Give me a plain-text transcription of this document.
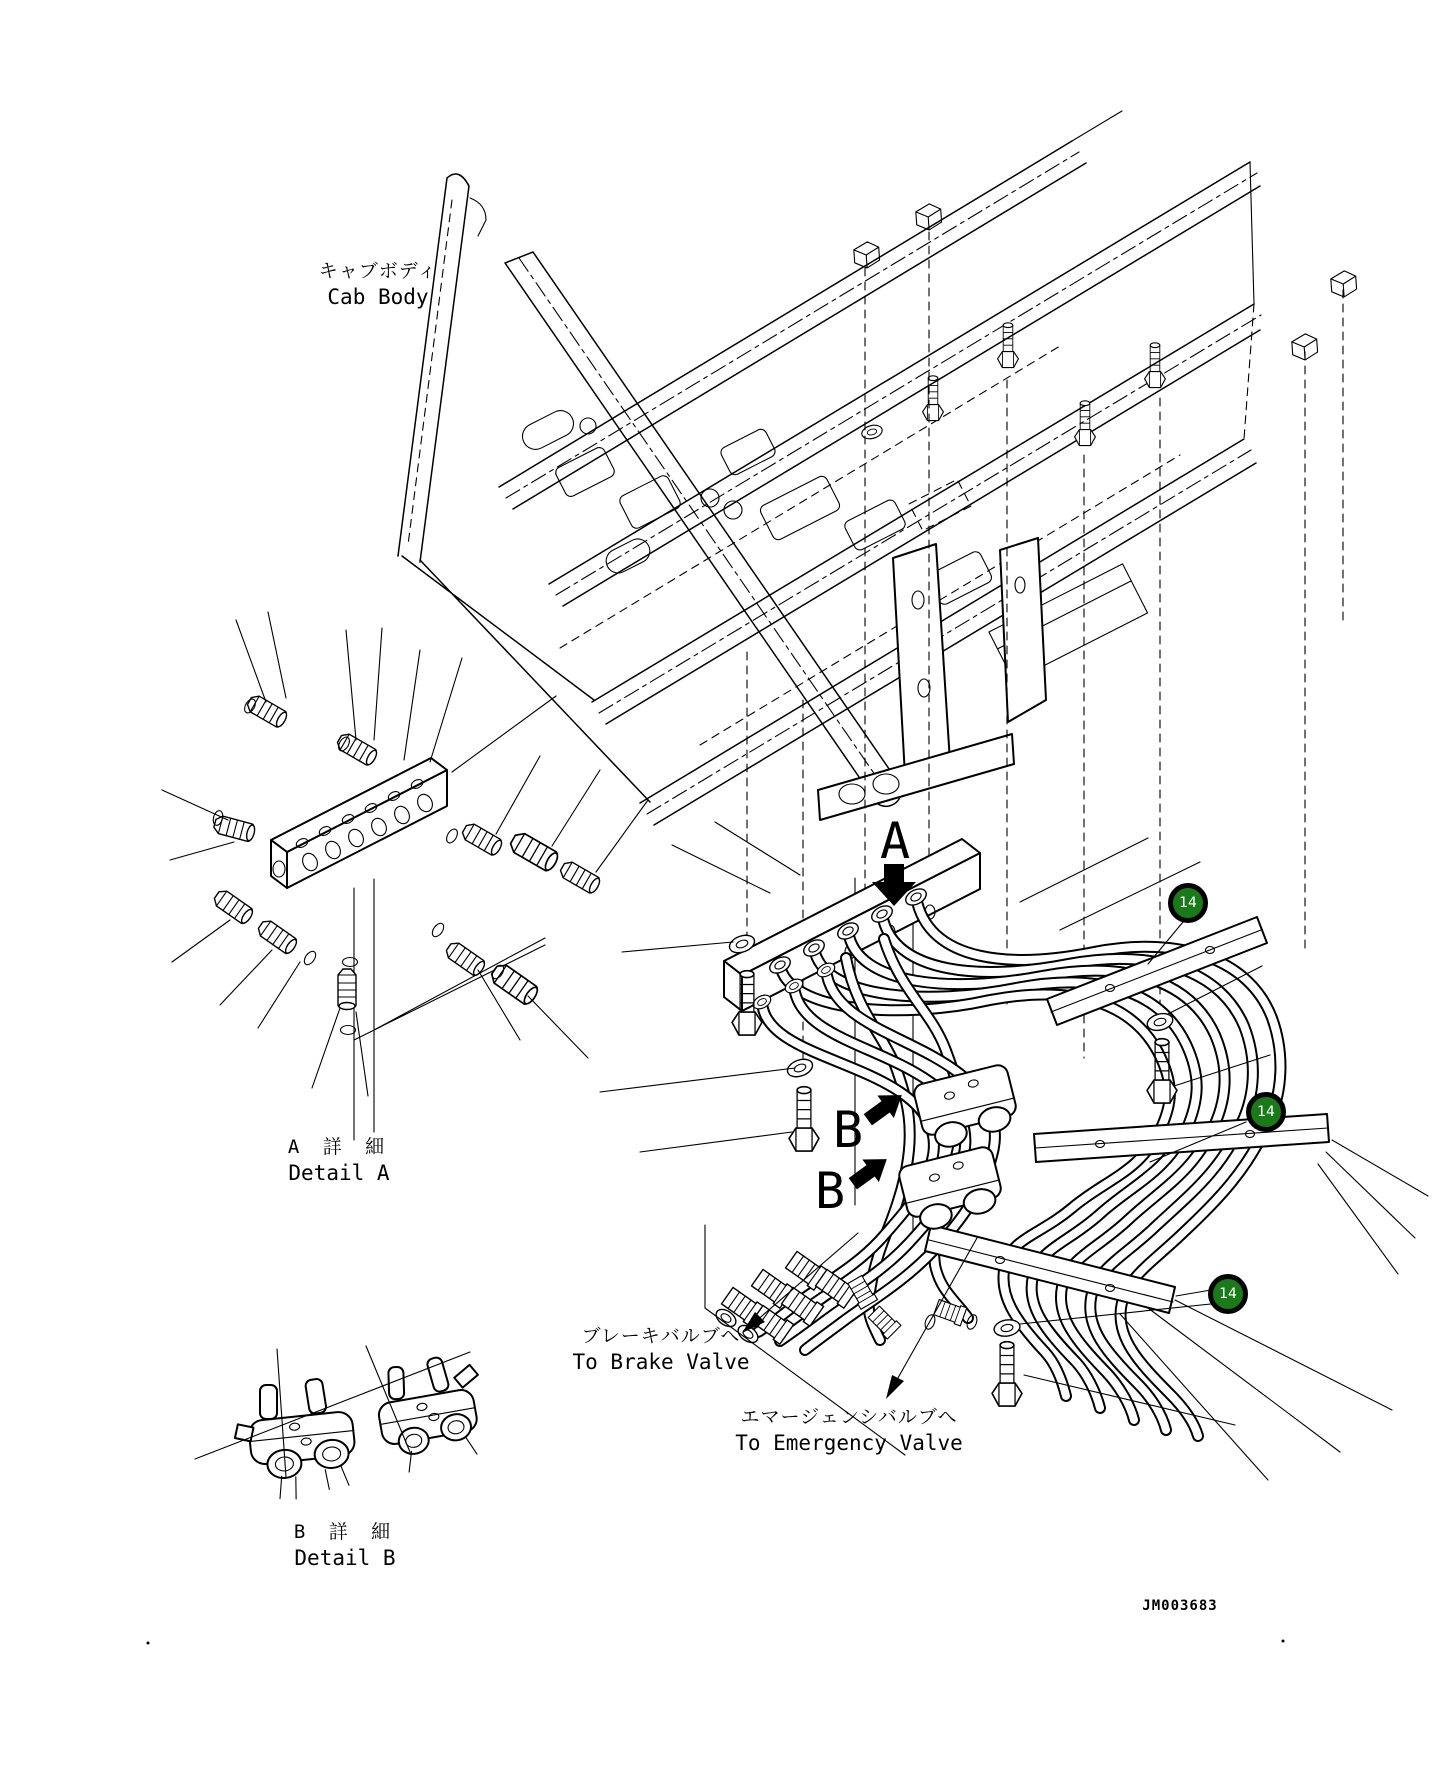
キャブボディ
Cab Body
A 詳 細
Detail A
B 詳 細
Detail B
ブレーキバルブへ
To Brake Valve
エマージェンシバルブへ
To Emergency Valve
A
B
B
JM003683
14
14
14
